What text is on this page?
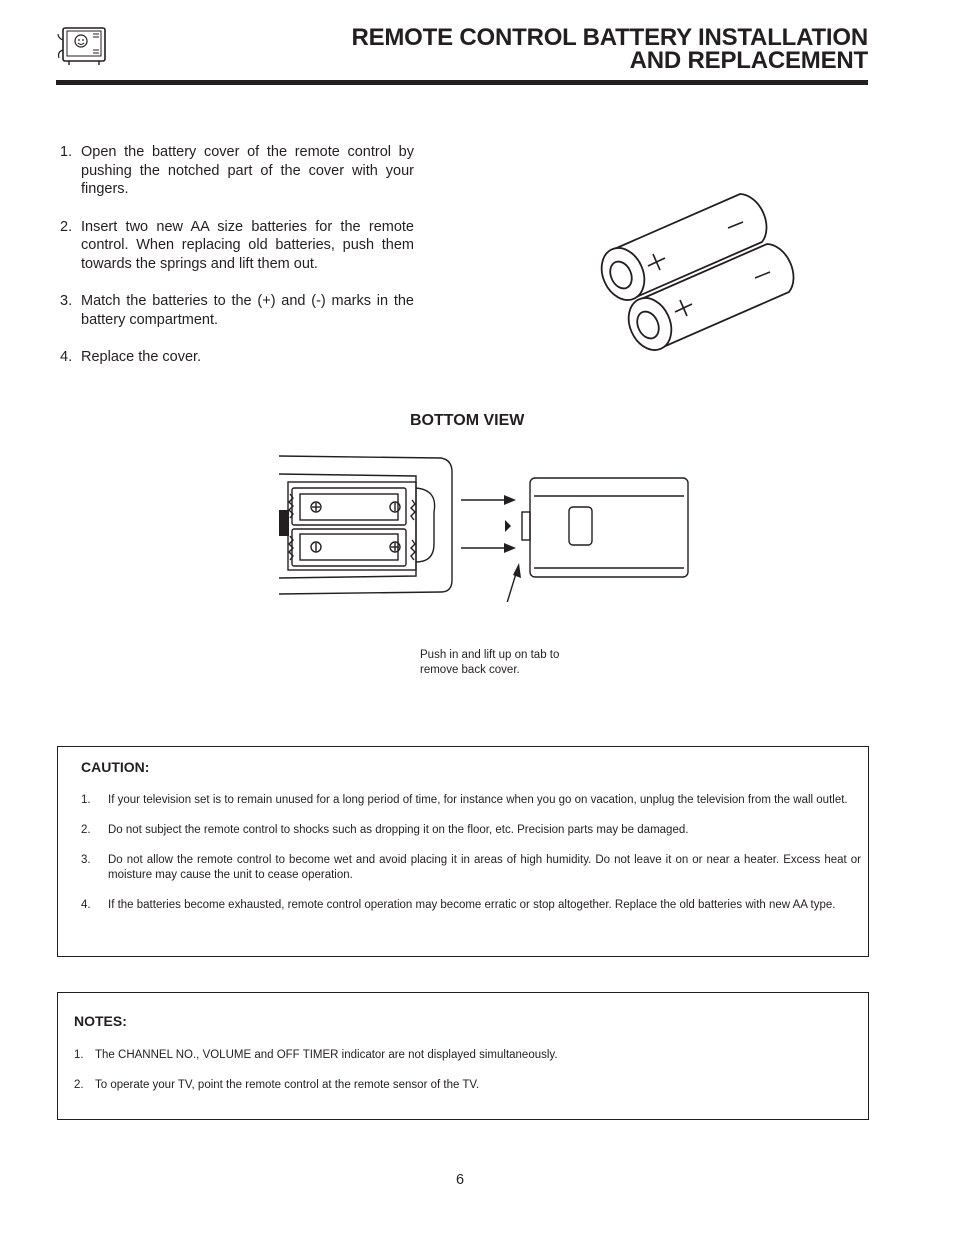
REMOTE CONTROL BATTERY INSTALLATION
AND REPLACEMENT
1. Open the battery cover of the remote control by pushing the notched part of the cover with your fingers.
2. Insert two new AA size batteries for the remote control. When replacing old batteries, push them towards the springs and lift them out.
3. Match the batteries to the (+) and (-) marks in the battery compartment.
4. Replace the cover.
BOTTOM VIEW
Push in and lift up on tab to
remove back cover.
CAUTION:
1.	If your television set is to remain unused for a long period of time, for instance when you go on vacation, unplug the television from the wall outlet.
2.	Do not subject the remote control to shocks such as dropping it on the floor, etc. Precision parts may be damaged.
3.	Do not allow the remote control to become wet and avoid placing it in areas of high humidity. Do not leave it on or near a heater. Excess heat or moisture may cause the unit to cease operation.
4.	If the batteries become exhausted, remote control operation may become erratic or stop altogether. Replace the old batteries with new AA type.
NOTES:
1. The CHANNEL NO., VOLUME and OFF TIMER indicator are not displayed simultaneously.
2. To operate your TV, point the remote control at the remote sensor of the TV.
6
